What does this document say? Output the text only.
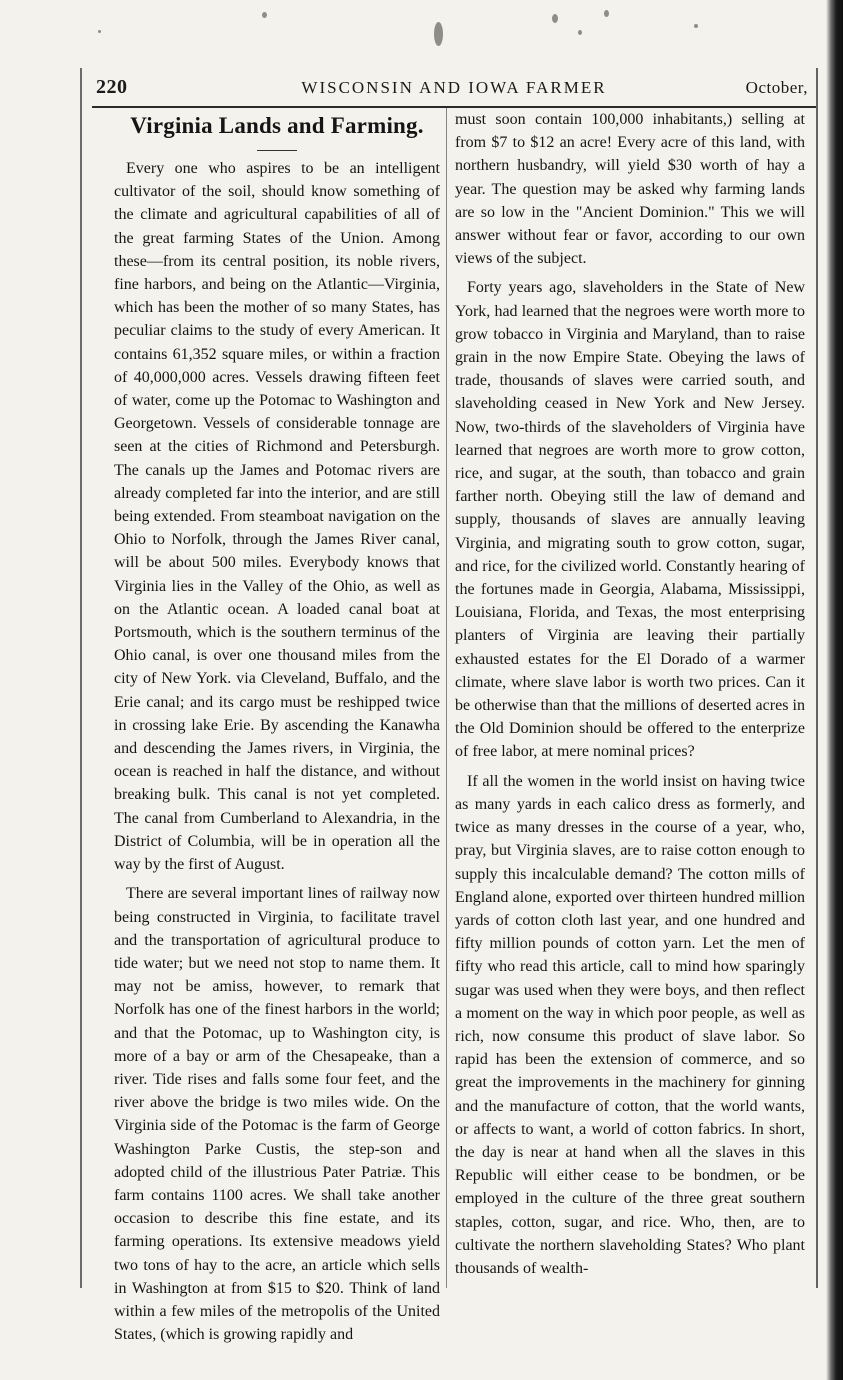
220	WISCONSIN AND IOWA FARMER	October,
Virginia Lands and Farming.

Every one who aspires to be an intelligent cultivator of the soil, should know something of the climate and agricultural capabilities of all of the great farming States of the Union. Among these—from its central position, its noble rivers, fine harbors, and being on the Atlantic—Virginia, which has been the mother of so many States, has peculiar claims to the study of every American. It contains 61,352 square miles, or within a fraction of 40,000,000 acres. Vessels drawing fifteen feet of water, come up the Potomac to Washington and Georgetown. Vessels of considerable tonnage are seen at the cities of Richmond and Petersburgh. The canals up the James and Potomac rivers are already completed far into the interior, and are still being extended. From steamboat navigation on the Ohio to Norfolk, through the James River canal, will be about 500 miles. Everybody knows that Virginia lies in the Valley of the Ohio, as well as on the Atlantic ocean. A loaded canal boat at Portsmouth, which is the southern terminus of the Ohio canal, is over one thousand miles from the city of New York. via Cleveland, Buffalo, and the Erie canal; and its cargo must be reshipped twice in crossing lake Erie. By ascending the Kanawha and descending the James rivers, in Virginia, the ocean is reached in half the distance, and without breaking bulk. This canal is not yet completed. The canal from Cumberland to Alexandria, in the District of Columbia, will be in operation all the way by the first of August.

There are several important lines of railway now being constructed in Virginia, to facilitate travel and the transportation of agricultural produce to tide water; but we need not stop to name them. It may not be amiss, however, to remark that Norfolk has one of the finest harbors in the world; and that the Potomac, up to Washington city, is more of a bay or arm of the Chesapeake, than a river. Tide rises and falls some four feet, and the river above the bridge is two miles wide. On the Virginia side of the Potomac is the farm of George Washington Parke Custis, the step-son and adopted child of the illustrious Pater Patriæ. This farm contains 1100 acres. We shall take another occasion to describe this fine estate, and its farming operations. Its extensive meadows yield two tons of hay to the acre, an article which sells in Washington at from $15 to $20. Think of land within a few miles of the metropolis of the United States, (which is growing rapidly and

must soon contain 100,000 inhabitants,) selling at from $7 to $12 an acre! Every acre of this land, with northern husbandry, will yield $30 worth of hay a year. The question may be asked why farming lands are so low in the "Ancient Dominion." This we will answer without fear or favor, according to our own views of the subject.

Forty years ago, slaveholders in the State of New York, had learned that the negroes were worth more to grow tobacco in Virginia and Maryland, than to raise grain in the now Empire State. Obeying the laws of trade, thousands of slaves were carried south, and slaveholding ceased in New York and New Jersey. Now, two-thirds of the slaveholders of Virginia have learned that negroes are worth more to grow cotton, rice, and sugar, at the south, than tobacco and grain farther north. Obeying still the law of demand and supply, thousands of slaves are annually leaving Virginia, and migrating south to grow cotton, sugar, and rice, for the civilized world. Constantly hearing of the fortunes made in Georgia, Alabama, Mississippi, Louisiana, Florida, and Texas, the most enterprising planters of Virginia are leaving their partially exhausted estates for the El Dorado of a warmer climate, where slave labor is worth two prices. Can it be otherwise than that the millions of deserted acres in the Old Dominion should be offered to the enterprize of free labor, at mere nominal prices?

If all the women in the world insist on having twice as many yards in each calico dress as formerly, and twice as many dresses in the course of a year, who, pray, but Virginia slaves, are to raise cotton enough to supply this incalculable demand? The cotton mills of England alone, exported over thirteen hundred million yards of cotton cloth last year, and one hundred and fifty million pounds of cotton yarn. Let the men of fifty who read this article, call to mind how sparingly sugar was used when they were boys, and then reflect a moment on the way in which poor people, as well as rich, now consume this product of slave labor. So rapid has been the extension of commerce, and so great the improvements in the machinery for ginning and the manufacture of cotton, that the world wants, or affects to want, a world of cotton fabrics. In short, the day is near at hand when all the slaves in this Republic will either cease to be bondmen, or be employed in the culture of the three great southern staples, cotton, sugar, and rice. Who, then, are to cultivate the northern slaveholding States? Who plant thousands of wealth-
